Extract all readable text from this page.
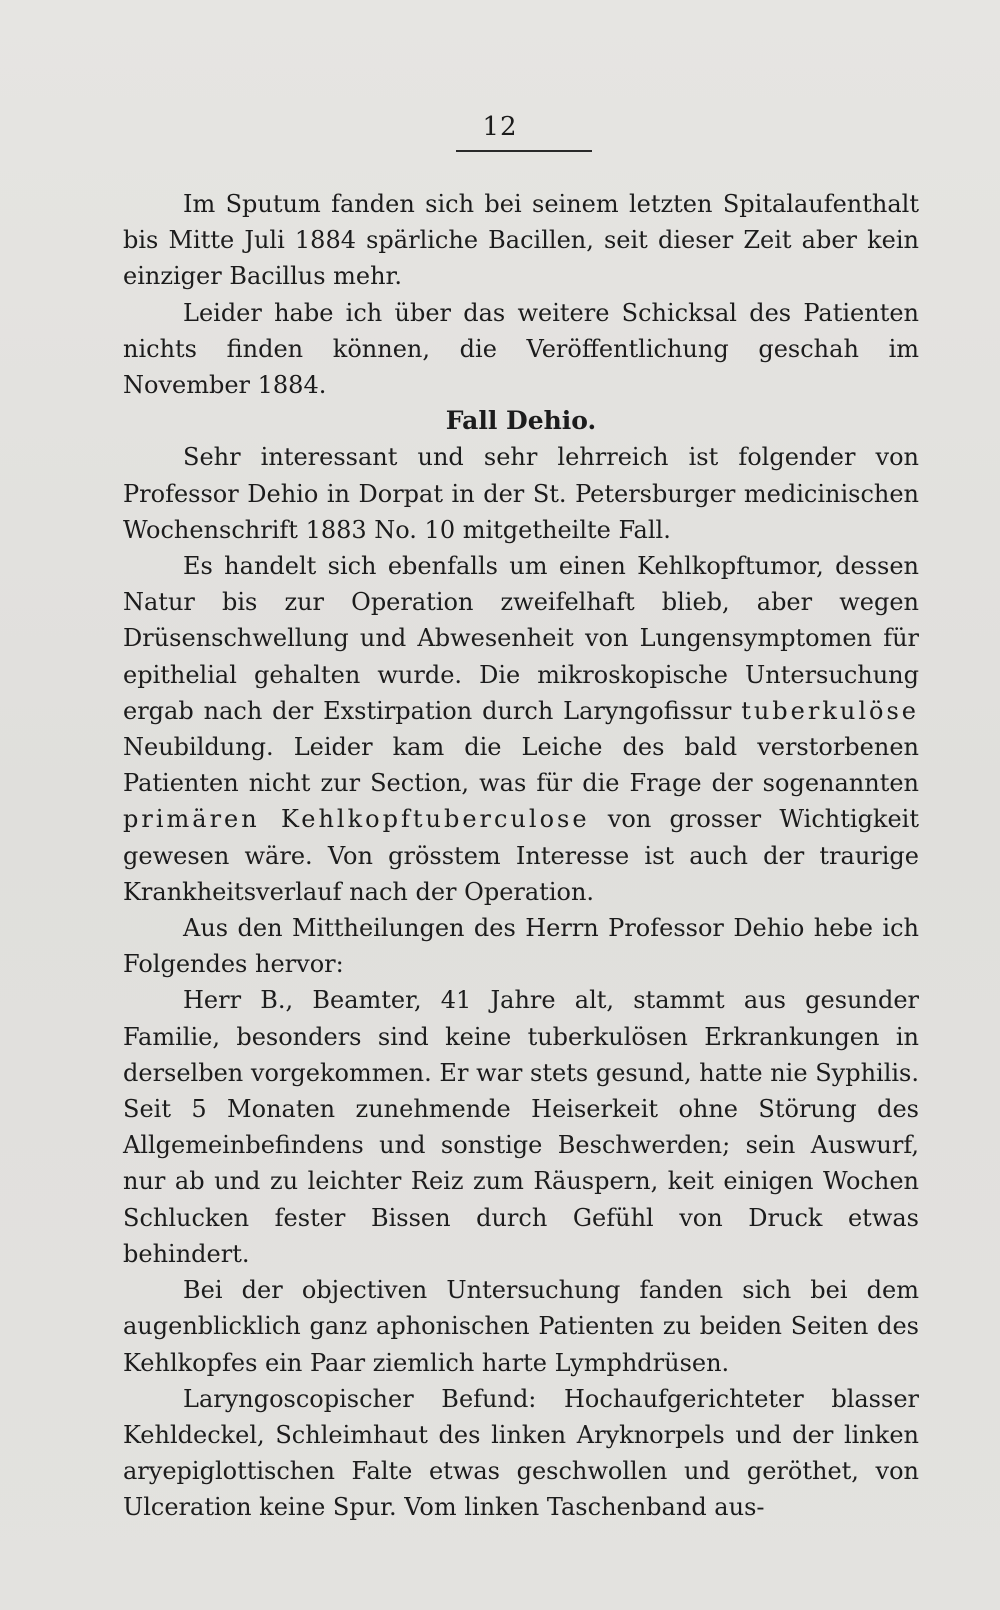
12

Im Sputum fanden sich bei seinem letzten Spitalaufenthalt bis Mitte Juli 1884 spärliche Bacillen, seit dieser Zeit aber kein einziger Bacillus mehr.

Leider habe ich über das weitere Schicksal des Patienten nichts finden können, die Veröffentlichung geschah im November 1884.

Fall Dehio.

Sehr interessant und sehr lehrreich ist folgender von Professor Dehio in Dorpat in der St. Petersburger medicinischen Wochenschrift 1883 No. 10 mitgetheilte Fall.

Es handelt sich ebenfalls um einen Kehlkopftumor, dessen Natur bis zur Operation zweifelhaft blieb, aber wegen Drüsenschwellung und Abwesenheit von Lungensymptomen für epithelial gehalten wurde. Die mikroskopische Untersuchung ergab nach der Exstirpation durch Laryngofissur tuberkulöse Neubildung. Leider kam die Leiche des bald verstorbenen Patienten nicht zur Section, was für die Frage der sogenannten primären Kehlkopftuberculose von grosser Wichtigkeit gewesen wäre. Von grösstem Interesse ist auch der traurige Krankheitsverlauf nach der Operation.

Aus den Mittheilungen des Herrn Professor Dehio hebe ich Folgendes hervor:

Herr B., Beamter, 41 Jahre alt, stammt aus gesunder Familie, besonders sind keine tuberkulösen Erkrankungen in derselben vorgekommen. Er war stets gesund, hatte nie Syphilis. Seit 5 Monaten zunehmende Heiserkeit ohne Störung des Allgemeinbefindens und sonstige Beschwerden; sein Auswurf, nur ab und zu leichter Reiz zum Räuspern, keit einigen Wochen Schlucken fester Bissen durch Gefühl von Druck etwas behindert.

Bei der objectiven Untersuchung fanden sich bei dem augenblicklich ganz aphonischen Patienten zu beiden Seiten des Kehlkopfes ein Paar ziemlich harte Lymphdrüsen.

Laryngoscopischer Befund: Hochaufgerichteter blasser Kehldeckel, Schleimhaut des linken Aryknorpels und der linken aryepiglottischen Falte etwas geschwollen und geröthet, von Ulceration keine Spur. Vom linken Taschenband aus-
